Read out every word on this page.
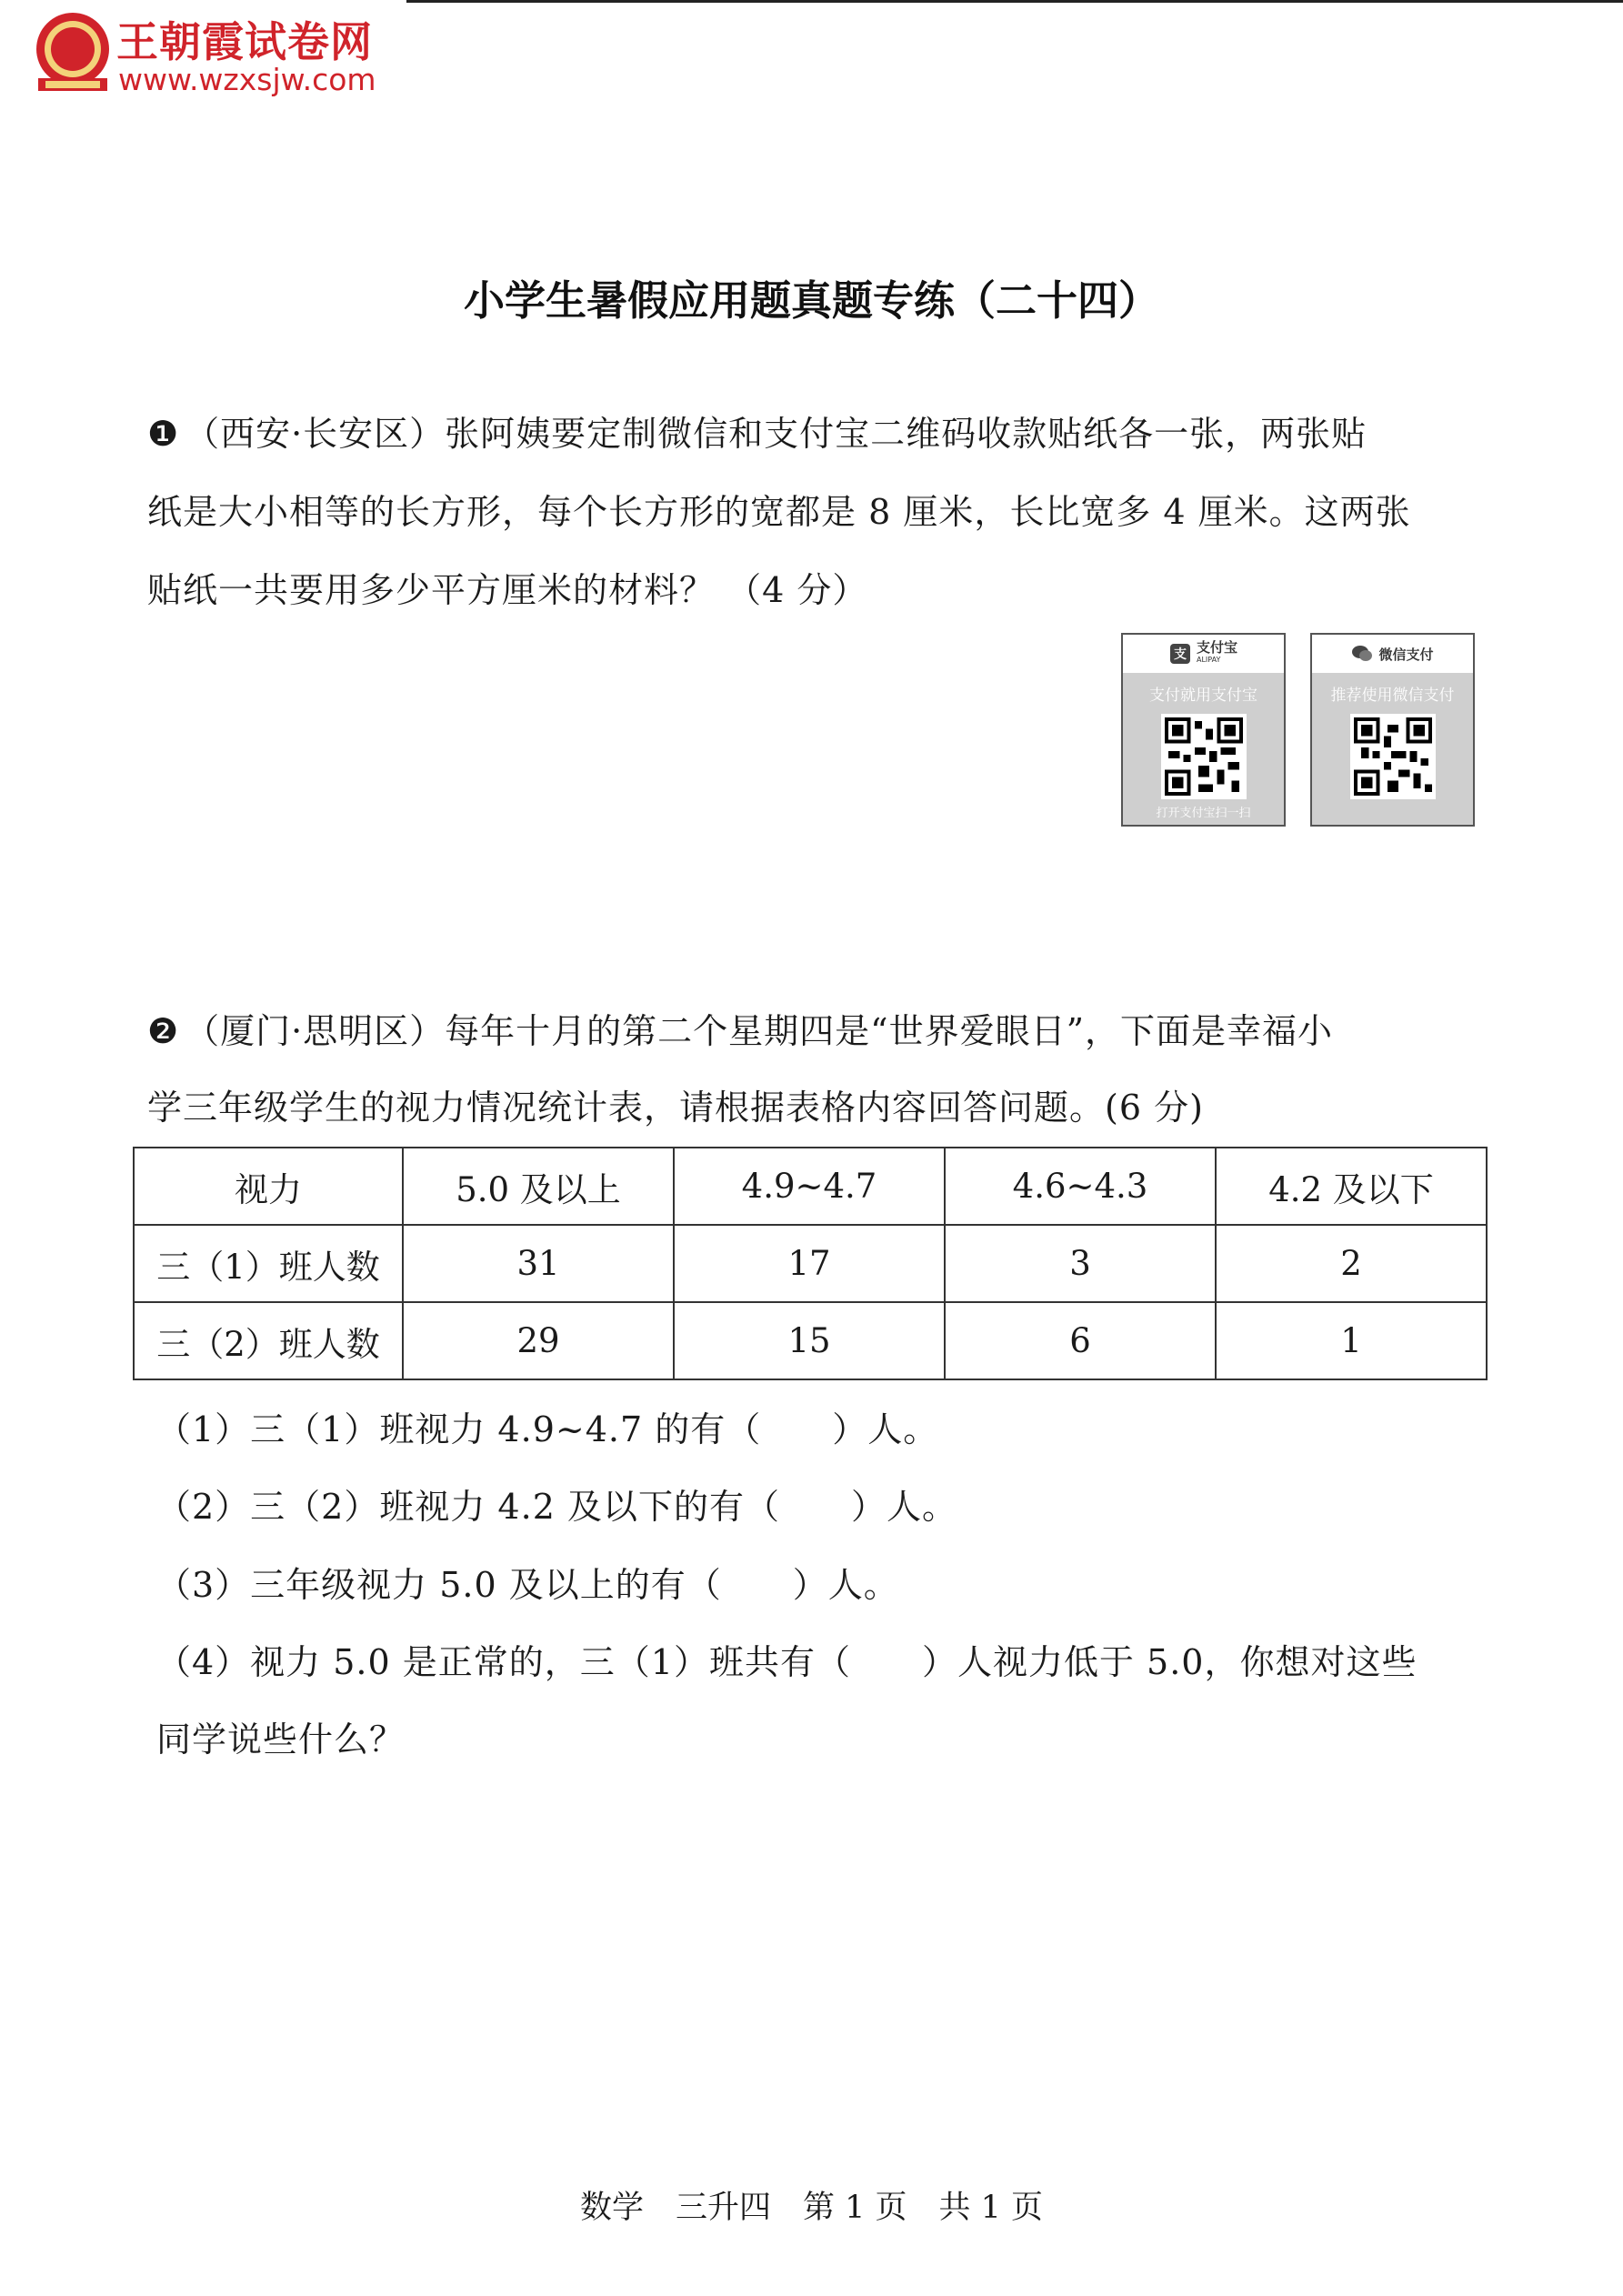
王朝霞试卷网
www.wzxsjw.com
小学生暑假应用题真题专练（二十四）
❶ （西安·长安区）张阿姨要定制微信和支付宝二维码收款贴纸各一张，两张贴
纸是大小相等的长方形，每个长方形的宽都是 8 厘米，长比宽多 4 厘米。这两张
贴纸一共要用多少平方厘米的材料？ （4 分）
支 支付宝
ALIPAY
支付就用支付宝
打开支付宝扫一扫
微信支付
推荐使用微信支付
❷ （厦门·思明区）每年十月的第二个星期四是“世界爱眼日”，下面是幸福小
学三年级学生的视力情况统计表，请根据表格内容回答问题。(6 分)
视力	5.0 及以上	4.9~4.7	4.6~4.3	4.2 及以下
三（1）班人数	31	17	3	2
三（2）班人数	29	15	6	1
（1）三（1）班视力 4.9~4.7 的有（　　）人。
（2）三（2）班视力 4.2 及以下的有（　　）人。
（3）三年级视力 5.0 及以上的有（　　）人。
（4）视力 5.0 是正常的，三（1）班共有（　　）人视力低于 5.0，你想对这些
同学说些什么？
数学　三升四　第 1 页　共 1 页
